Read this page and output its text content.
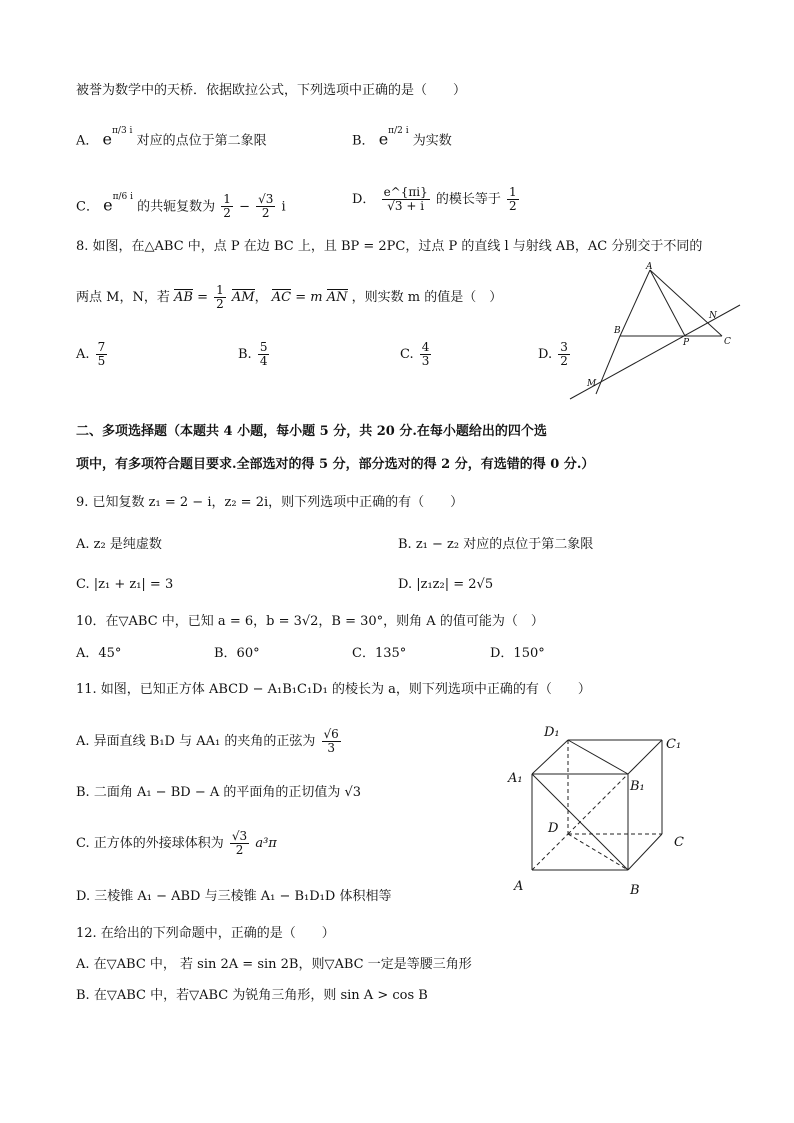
被誉为数学中的天桥．依据欧拉公式，下列选项中正确的是（　　）
A． $e^{\pi/3 i}$ 对应的点位于第二象限	B． $e^{\pi/2 i}$ 为实数
C． $e^{\pi/6 i}$ 的共轭复数为 $\frac{1}{2} - \frac{√3}{2}$ i	D． $\frac{e\^{}\{\pi i\}}{√3 + i}$ 的模长等于 $\frac{1}{2}$
8. 如图，在△ABC 中，点 P 在边 BC 上，且 BP = 2PC，过点 P 的直线 l 与射线 AB，AC 分别交于不同的
两点 M，N，若 AB = $\frac{1}{2}$ AM， AC = m AN ，则实数 m 的值是（　）
A. $\frac{7}{5}$	B. $\frac{5}{4}$	C. $\frac{4}{3}$	D. $\frac{3}{2}$
A
B
C
P
N
M
二、多项选择题（本题共 4 小题，每小题 5 分，共 20 分.在每小题给出的四个选
项中，有多项符合题目要求.全部选对的得 5 分，部分选对的得 2 分，有选错的得 0 分.）
9. 已知复数 z₁ = 2 − i，z₂ = 2i，则下列选项中正确的有（　　）
A. z₂ 是纯虚数	B. z₁ − z₂ 对应的点位于第二象限
C. |z₁ + z₁| = 3	D. |z₁z₂| = 2√5
10．在▽ABC 中，已知 a = 6，b = 3√2，B = 30°，则角 A 的值可能为（　）
A．45°	B．60°	C．135°	D．150°
11. 如图，已知正方体 ABCD − A₁B₁C₁D₁ 的棱长为 a，则下列选项中正确的有（　　）
A. 异面直线 B₁D 与 AA₁ 的夹角的正弦为 $\frac{√6}{3}$
B. 二面角 A₁ − BD − A 的平面角的正切值为 √3
C. 正方体的外接球体积为 $\frac{√3}{2} a^3\pi$
D. 三棱锥 A₁ − ABD 与三棱锥 A₁ − B₁D₁D 体积相等
D₁
C₁
A₁
B₁
D
C
A	B
12. 在给出的下列命题中，正确的是（　　）
A. 在▽ABC 中， 若 sin 2A = sin 2B，则▽ABC 一定是等腰三角形
B. 在▽ABC 中，若▽ABC 为锐角三角形，则 sin A > cos B
